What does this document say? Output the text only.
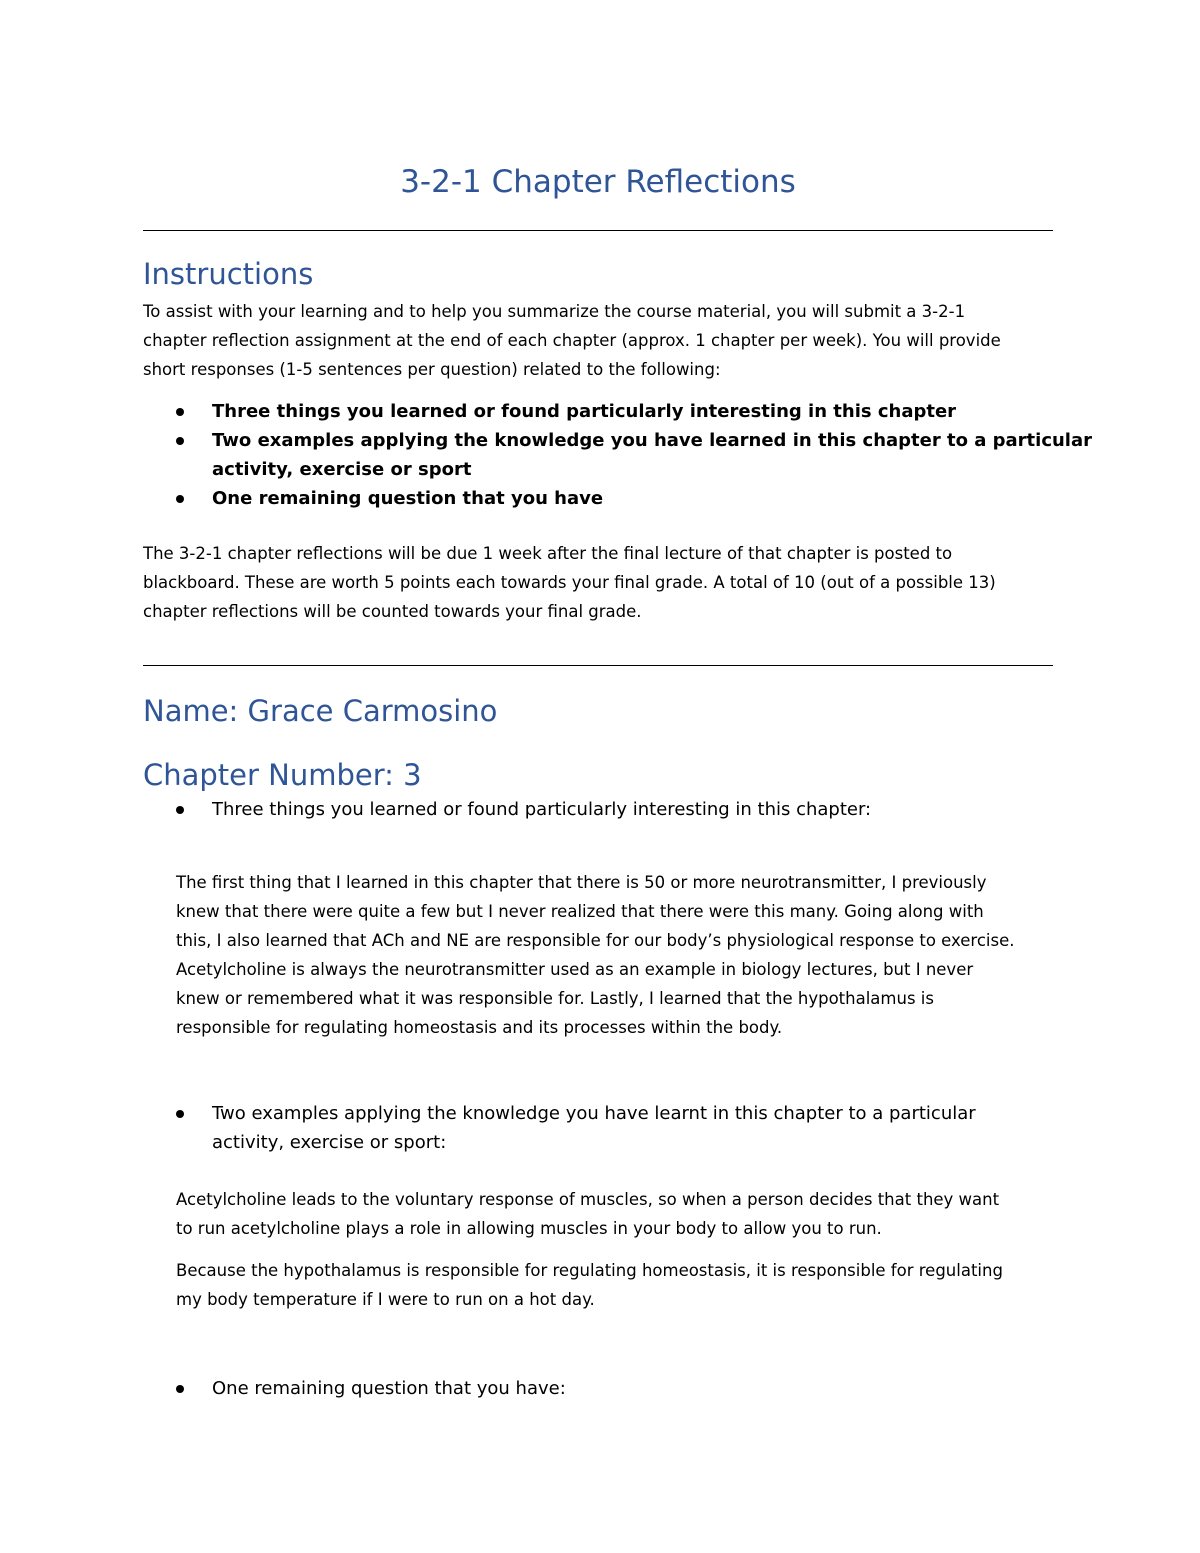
3-2-1 Chapter Reflections
Instructions
To assist with your learning and to help you summarize the course material, you will submit a 3-2-1
chapter reflection assignment at the end of each chapter (approx. 1 chapter per week). You will provide
short responses (1-5 sentences per question) related to the following:
Three things you learned or found particularly interesting in this chapter
Two examples applying the knowledge you have learned in this chapter to a particular
activity, exercise or sport
One remaining question that you have
The 3-2-1 chapter reflections will be due 1 week after the final lecture of that chapter is posted to
blackboard. These are worth 5 points each towards your final grade. A total of 10 (out of a possible 13)
chapter reflections will be counted towards your final grade.
Name: Grace Carmosino
Chapter Number: 3
Three things you learned or found particularly interesting in this chapter:
The first thing that I learned in this chapter that there is 50 or more neurotransmitter, I previously
knew that there were quite a few but I never realized that there were this many. Going along with
this, I also learned that ACh and NE are responsible for our body’s physiological response to exercise.
Acetylcholine is always the neurotransmitter used as an example in biology lectures, but I never
knew or remembered what it was responsible for. Lastly, I learned that the hypothalamus is
responsible for regulating homeostasis and its processes within the body.
Two examples applying the knowledge you have learnt in this chapter to a particular
activity, exercise or sport:
Acetylcholine leads to the voluntary response of muscles, so when a person decides that they want
to run acetylcholine plays a role in allowing muscles in your body to allow you to run.
Because the hypothalamus is responsible for regulating homeostasis, it is responsible for regulating
my body temperature if I were to run on a hot day.
One remaining question that you have:
